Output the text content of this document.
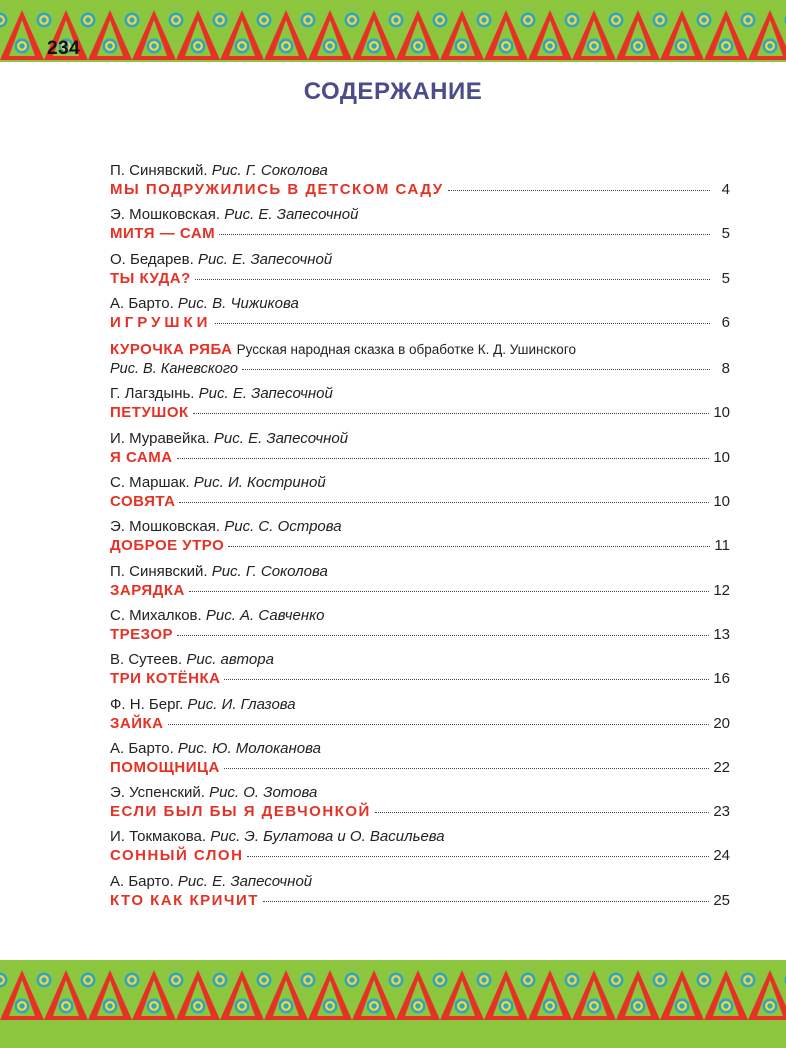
234
СОДЕРЖАНИЕ
П. Синявский. Рис. Г. Соколова
МЫ ПОДРУЖИЛИСЬ В ДЕТСКОМ САДУ	4
Э. Мошковская. Рис. Е. Запесочной
МИТЯ — САМ	5
О. Бедарев. Рис. Е. Запесочной
ТЫ КУДА?	5
А. Барто. Рис. В. Чижикова
ИГРУШКИ	6
КУРОЧКА РЯБА Русская народная сказка в обработке К. Д. Ушинского
Рис. В. Каневского	8
Г. Лагздынь. Рис. Е. Запесочной
ПЕТУШОК	10
И. Муравейка. Рис. Е. Запесочной
Я САМА	10
С. Маршак. Рис. И. Костриной
СОВЯТА	10
Э. Мошковская. Рис. С. Острова
ДОБРОЕ УТРО	11
П. Синявский. Рис. Г. Соколова
ЗАРЯДКА	12
С. Михалков. Рис. А. Савченко
ТРЕЗОР	13
В. Сутеев. Рис. автора
ТРИ КОТЁНКА	16
Ф. Н. Берг. Рис. И. Глазова
ЗАЙКА	20
А. Барто. Рис. Ю. Молоканова
ПОМОЩНИЦА	22
Э. Успенский. Рис. О. Зотова
ЕСЛИ БЫЛ БЫ Я ДЕВЧОНКОЙ	23
И. Токмакова. Рис. Э. Булатова и О. Васильева
СОННЫЙ СЛОН	24
А. Барто. Рис. Е. Запесочной
КТО КАК КРИЧИТ	25
